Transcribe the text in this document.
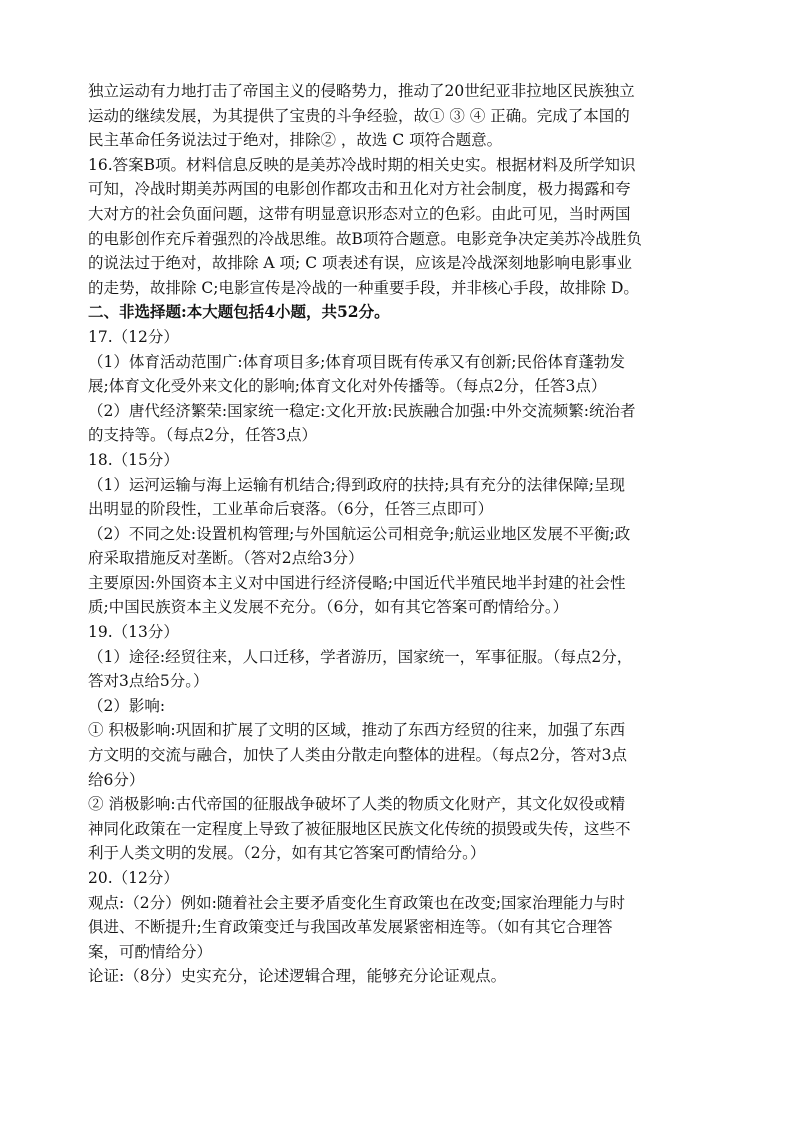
独立运动有力地打击了帝国主义的侵略势力，推动了20世纪亚非拉地区民族独立
运动的继续发展，为其提供了宝贵的斗争经验，故① ③ ④ 正确。完成了本国的
民主革命任务说法过于绝对，排除② ，故选 C 项符合题意。
16.答案B项。材料信息反映的是美苏冷战时期的相关史实。根据材料及所学知识
可知，冷战时期美苏两国的电影创作都攻击和丑化对方社会制度，极力揭露和夸
大对方的社会负面问题，这带有明显意识形态对立的色彩。由此可见，当时两国
的电影创作充斥着强烈的冷战思维。故B项符合题意。电影竞争决定美苏冷战胜负
的说法过于绝对，故排除 A 项; C 项表述有误，应该是冷战深刻地影响电影事业
的走势，故排除 C;电影宣传是冷战的一种重要手段，并非核心手段，故排除 D。
二、非选择题:本大题包括4小题，共52分。
17.（12分）
（1）体育活动范围广:体育项目多;体育项目既有传承又有创新;民俗体育蓬勃发
展;体育文化受外来文化的影响;体育文化对外传播等。（每点2分，任答3点）
（2）唐代经济繁荣:国家统一稳定:文化开放:民族融合加强:中外交流频繁:统治者
的支持等。（每点2分，任答3点）
18.（15分）
（1）运河运输与海上运输有机结合;得到政府的扶持;具有充分的法律保障;呈现
出明显的阶段性，工业革命后衰落。（6分，任答三点即可）
（2）不同之处:设置机构管理;与外国航运公司相竞争;航运业地区发展不平衡;政
府采取措施反对垄断。（答对2点给3分）
主要原因:外国资本主义对中国进行经济侵略;中国近代半殖民地半封建的社会性
质;中国民族资本主义发展不充分。（6分，如有其它答案可酌情给分。）
19.（13分）
（1）途径:经贸往来，人口迁移，学者游历，国家统一，军事征服。（每点2分，
答对3点给5分。）
（2）影响:
① 积极影响:巩固和扩展了文明的区域，推动了东西方经贸的往来，加强了东西
方文明的交流与融合，加快了人类由分散走向整体的进程。（每点2分，答对3点
给6分）
② 消极影响:古代帝国的征服战争破坏了人类的物质文化财产，其文化奴役或精
神同化政策在一定程度上导致了被征服地区民族文化传统的损毁或失传，这些不
利于人类文明的发展。（2分，如有其它答案可酌情给分。）
20.（12分）
观点:（2分）例如:随着社会主要矛盾变化生育政策也在改变;国家治理能力与时
俱进、不断提升;生育政策变迁与我国改革发展紧密相连等。（如有其它合理答
案，可酌情给分）
论证:（8分）史实充分，论述逻辑合理，能够充分论证观点。
